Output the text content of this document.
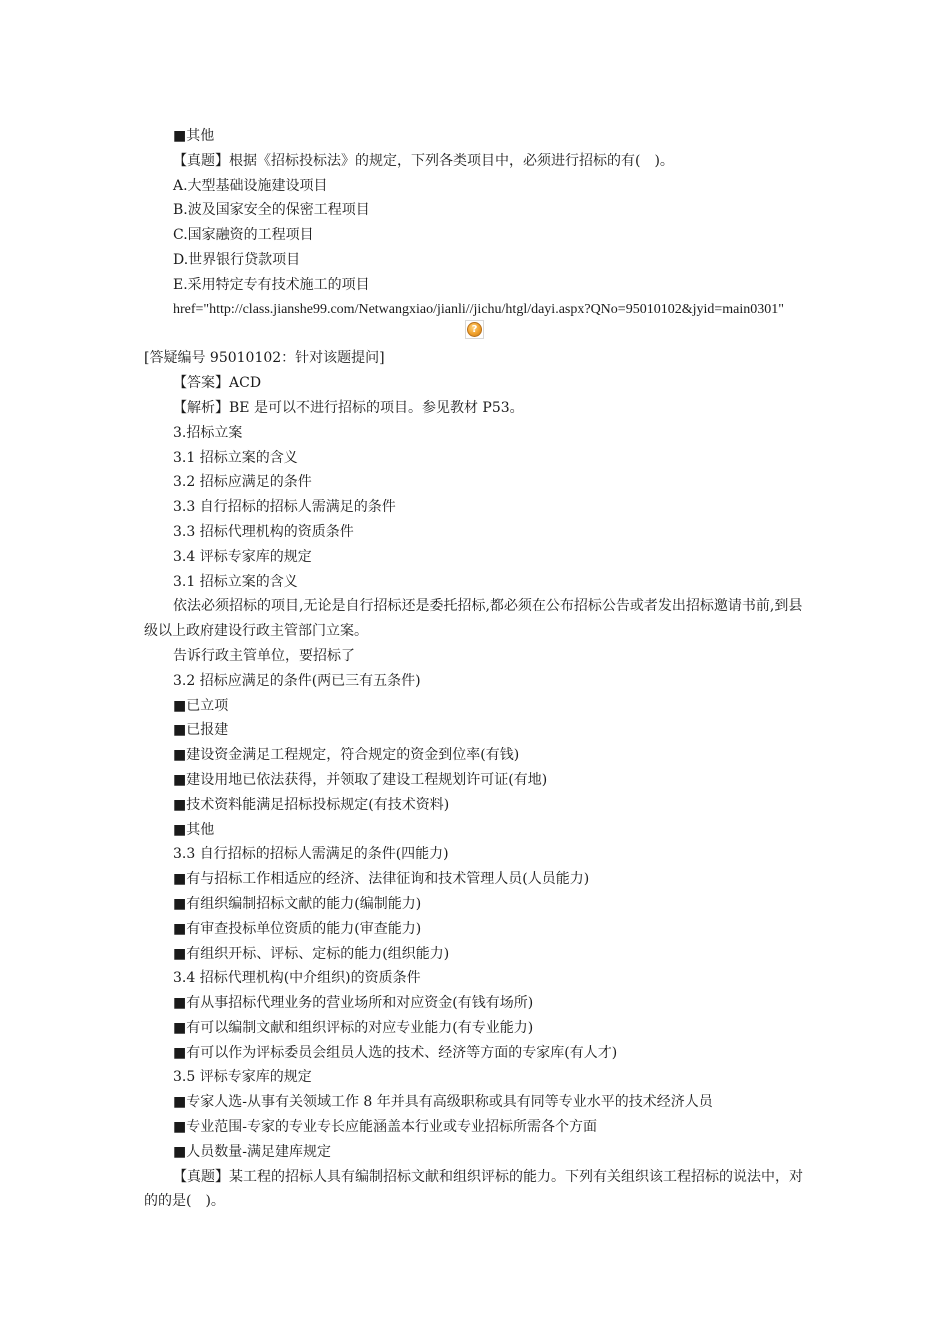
■其他
【真题】根据《招标投标法》的规定，下列各类项目中，必须进行招标的有(　)。
A.大型基础设施建设项目
B.波及国家安全的保密工程项目
C.国家融资的工程项目
D.世界银行贷款项目
E.采用特定专有技术施工的项目
href="http://class.jianshe99.com/Netwangxiao/jianli//jichu/htgl/dayi.aspx?QNo=95010102&jyid=main0301"
?
[答疑编号 95010102：针对该题提问]
【答案】ACD
【解析】BE 是可以不进行招标的项目。参见教材 P53。
3.招标立案
3.1 招标立案的含义
3.2 招标应满足的条件
3.3 自行招标的招标人需满足的条件
3.3 招标代理机构的资质条件
3.4 评标专家库的规定
3.1 招标立案的含义
依法必须招标的项目,无论是自行招标还是委托招标,都必须在公布招标公告或者发出招标邀请书前,到县级以上政府建设行政主管部门立案。
告诉行政主管单位，要招标了
3.2 招标应满足的条件(两已三有五条件)
■已立项
■已报建
■建设资金满足工程规定，符合规定的资金到位率(有钱)
■建设用地已依法获得，并领取了建设工程规划许可证(有地)
■技术资料能满足招标投标规定(有技术资料)
■其他
3.3 自行招标的招标人需满足的条件(四能力)
■有与招标工作相适应的经济、法律征询和技术管理人员(人员能力)
■有组织编制招标文献的能力(编制能力)
■有审查投标单位资质的能力(审查能力)
■有组织开标、评标、定标的能力(组织能力)
3.4 招标代理机构(中介组织)的资质条件
■有从事招标代理业务的营业场所和对应资金(有钱有场所)
■有可以编制文献和组织评标的对应专业能力(有专业能力)
■有可以作为评标委员会组员人选的技术、经济等方面的专家库(有人才)
3.5 评标专家库的规定
■专家人选-从事有关领域工作 8 年并具有高级职称或具有同等专业水平的技术经济人员
■专业范围-专家的专业专长应能涵盖本行业或专业招标所需各个方面
■人员数量-满足建库规定
【真题】某工程的招标人具有编制招标文献和组织评标的能力。下列有关组织该工程招标的说法中，对的的是(　)。
